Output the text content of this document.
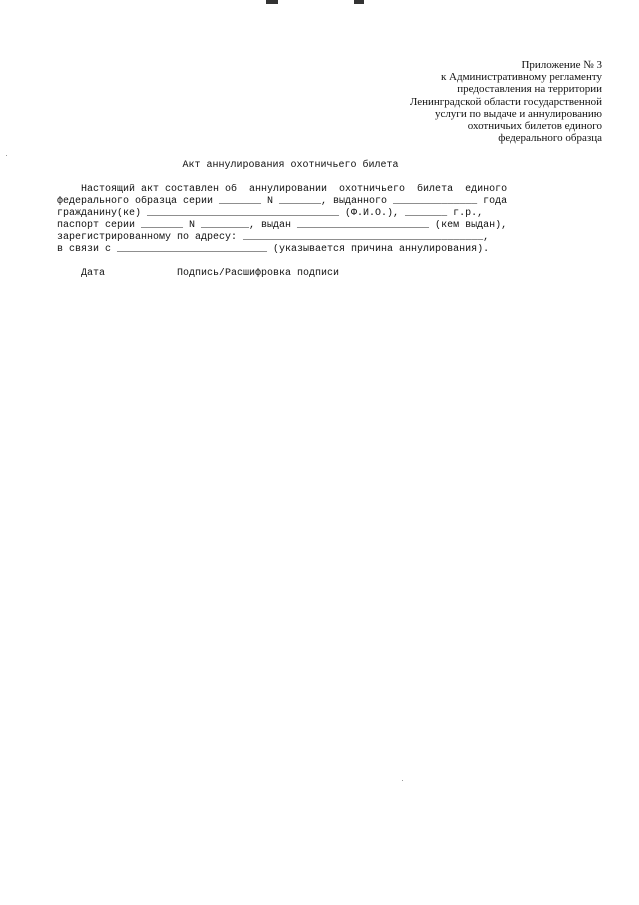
Приложение № 3
к Административному регламенту
предоставления на территории
Ленинградской области государственной
услуги по выдаче и аннулированию
охотничьих билетов единого
федерального образца
Акт аннулирования охотничьего билета
Настоящий акт составлен об  аннулировании  охотничьего  билета  единого
федерального образца серии _______ N _______, выданного ______________ года
гражданину(ке) ________________________________ (Ф.И.О.), _______ г.р.,
паспорт серии _______ N ________, выдан ______________________ (кем выдан),
зарегистрированному по адресу: ________________________________________,
в связи с _________________________ (указывается причина аннулирования).
Дата            Подпись/Расшифровка подписи
